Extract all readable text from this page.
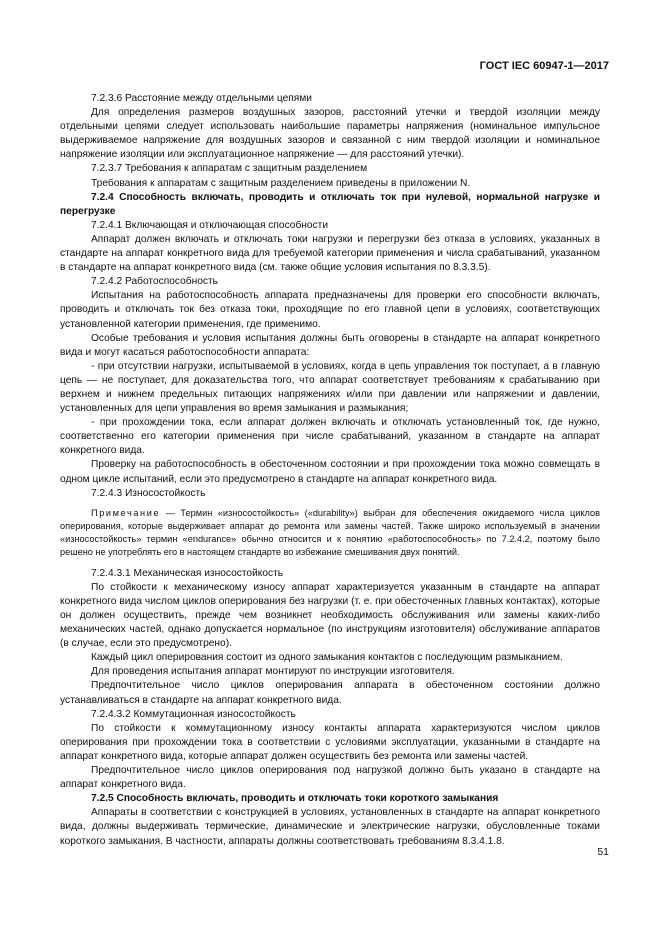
ГОСТ IEC 60947-1—2017

7.2.3.6 Расстояние между отдельными цепями

Для определения размеров воздушных зазоров, расстояний утечки и твердой изоляции между отдельными цепями следует использовать наибольшие параметры напряжения (номинальное импульсное выдерживаемое напряжение для воздушных зазоров и связанной с ним твердой изоляции и номинальное напряжение изоляции или эксплуатационное напряжение — для расстояний утечки).

7.2.3.7 Требования к аппаратам с защитным разделением

Требования к аппаратам с защитным разделением приведены в приложении N.

7.2.4 Способность включать, проводить и отключать ток при нулевой, нормальной нагрузке и перегрузке

7.2.4.1 Включающая и отключающая способности

Аппарат должен включать и отключать токи нагрузки и перегрузки без отказа в условиях, указанных в стандарте на аппарат конкретного вида для требуемой категории применения и числа срабатываний, указанном в стандарте на аппарат конкретного вида (см. также общие условия испытания по 8.3.3.5).

7.2.4.2 Работоспособность

Испытания на работоспособность аппарата предназначены для проверки его способности включать, проводить и отключать ток без отказа токи, проходящие по его главной цепи в условиях, соответствующих установленной категории применения, где применимо.

Особые требования и условия испытания должны быть оговорены в стандарте на аппарат конкретного вида и могут касаться работоспособности аппарата:

- при отсутствии нагрузки, испытываемой в условиях, когда в цепь управления ток поступает, а в главную цепь — не поступает, для доказательства того, что аппарат соответствует требованиям к срабатыванию при верхнем и нижнем предельных питающих напряжениях и/или при давлении или напряжении и давлении, установленных для цепи управления во время замыкания и размыкания;

- при прохождении тока, если аппарат должен включать и отключать установленный ток, где нужно, соответственно его категории применения при числе срабатываний, указанном в стандарте на аппарат конкретного вида.

Проверку на работоспособность в обесточенном состоянии и при прохождении тока можно совмещать в одном цикле испытаний, если это предусмотрено в стандарте на аппарат конкретного вида.

7.2.4.3 Износостойкость

Примечание — Термин «износостойкость» («durability») выбран для обеспечения ожидаемого числа циклов оперирования, которые выдерживает аппарат до ремонта или замены частей. Также широко используемый в значении «износостойкость» термин «endurance» обычно относится и к понятию «работоспособность» по 7.2.4.2, поэтому было решено не употреблять его в настоящем стандарте во избежание смешивания двух понятий.

7.2.4.3.1 Механическая износостойкость

По стойкости к механическому износу аппарат характеризуется указанным в стандарте на аппарат конкретного вида числом циклов оперирования без нагрузки (т. е. при обесточенных главных контактах), которые он должен осуществить, прежде чем возникнет необходимость обслуживания или замены каких-либо механических частей, однако допускается нормальное (по инструкциям изготовителя) обслуживание аппаратов (в случае, если это предусмотрено).

Каждый цикл оперирования состоит из одного замыкания контактов с последующим размыканием.

Для проведения испытания аппарат монтируют по инструкции изготовителя.

Предпочтительное число циклов оперирования аппарата в обесточенном состоянии должно устанавливаться в стандарте на аппарат конкретного вида.

7.2.4.3.2 Коммутационная износостойкость

По стойкости к коммутационному износу контакты аппарата характеризуются числом циклов оперирования при прохождении тока в соответствии с условиями эксплуатации, указанными в стандарте на аппарат конкретного вида, которые аппарат должен осуществить без ремонта или замены частей.

Предпочтительное число циклов оперирования под нагрузкой должно быть указано в стандарте на аппарат конкретного вида.

7.2.5 Способность включать, проводить и отключать токи короткого замыкания

Аппараты в соответствии с конструкцией в условиях, установленных в стандарте на аппарат конкретного вида, должны выдерживать термические, динамические и электрические нагрузки, обусловленные токами короткого замыкания. В частности, аппараты должны соответствовать требованиям 8.3.4.1.8.

51
